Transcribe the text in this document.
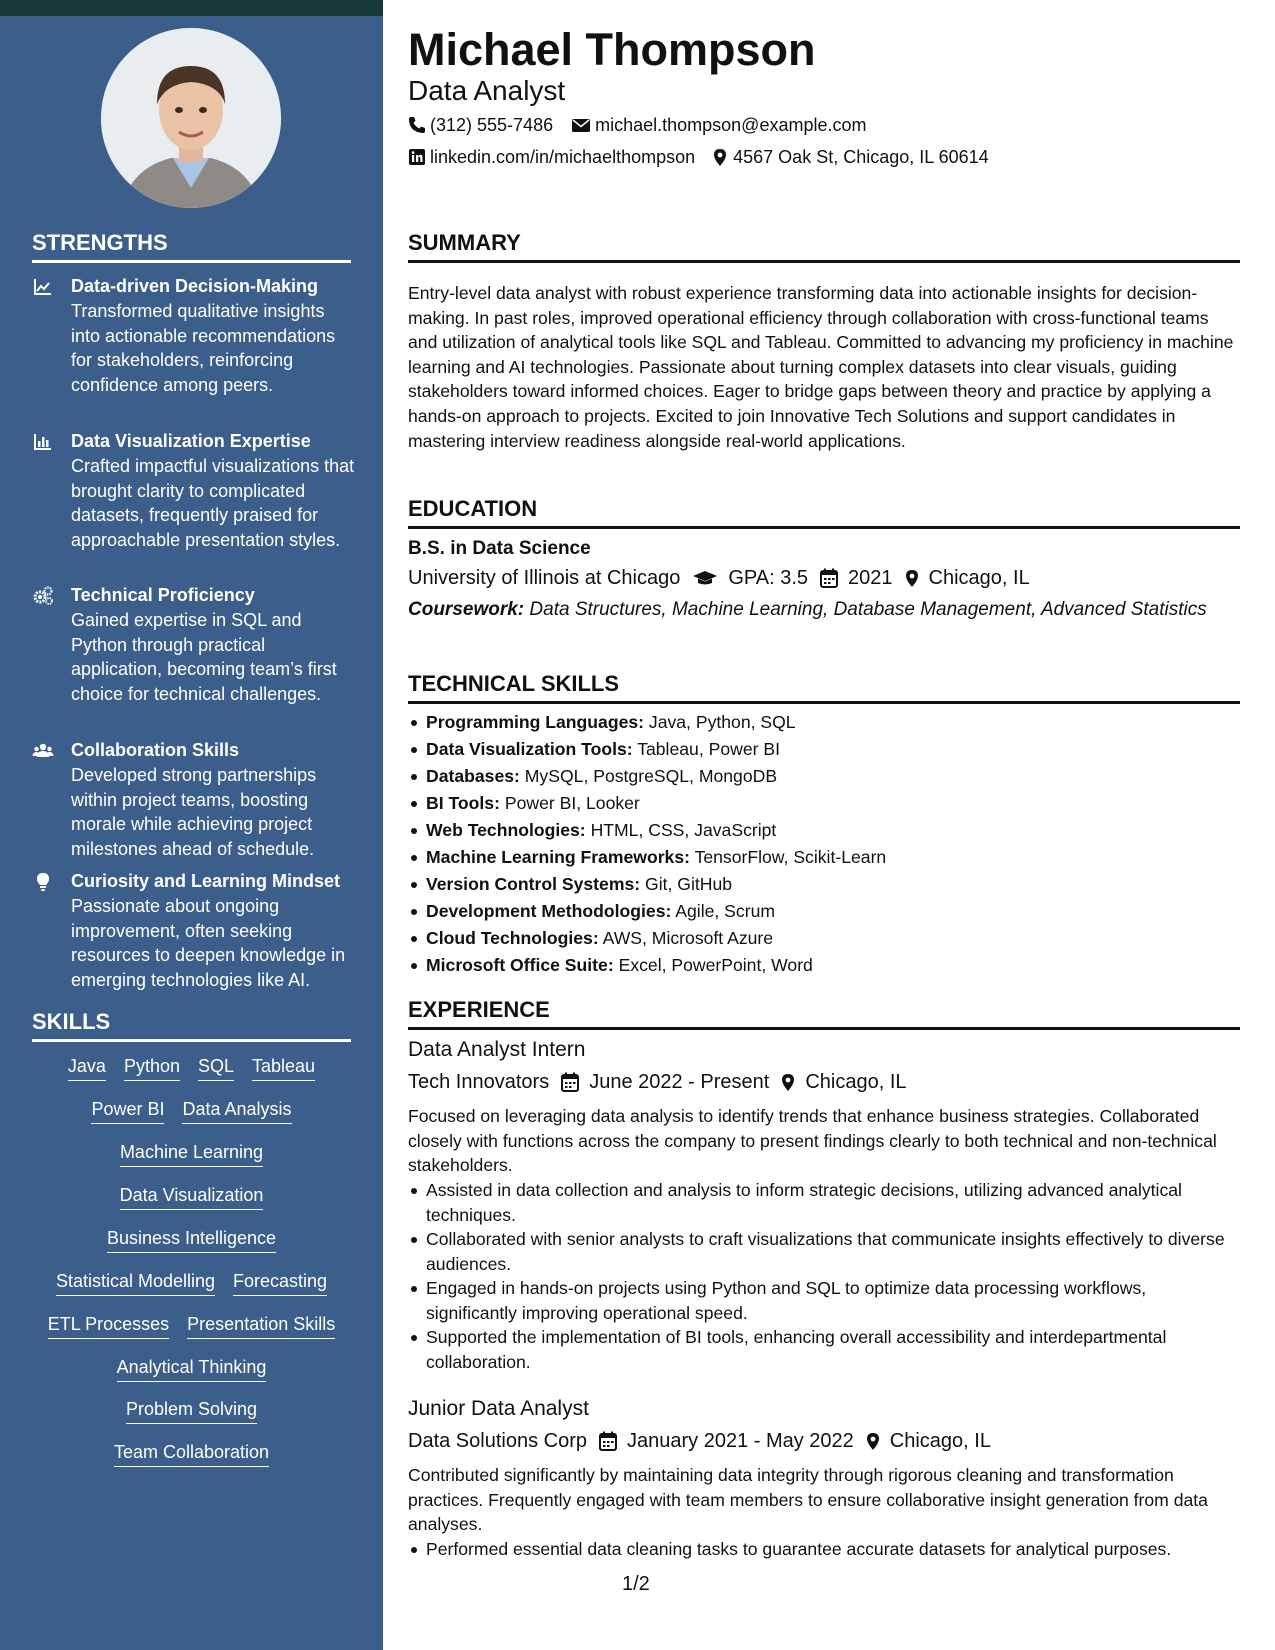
STRENGTHS
Data-driven Decision-Making
Transformed qualitative insights into actionable recommendations for stakeholders, reinforcing confidence among peers.
Data Visualization Expertise
Crafted impactful visualizations that brought clarity to complicated datasets, frequently praised for approachable presentation styles.
Technical Proficiency
Gained expertise in SQL and Python through practical application, becoming team’s first choice for technical challenges.
Collaboration Skills
Developed strong partnerships within project teams, boosting morale while achieving project milestones ahead of schedule.
Curiosity and Learning Mindset
Passionate about ongoing improvement, often seeking resources to deepen knowledge in emerging technologies like AI.
SKILLS
Java Python SQL Tableau
Power BI Data Analysis
Machine Learning
Data Visualization
Business Intelligence
Statistical Modelling Forecasting
ETL Processes Presentation Skills
Analytical Thinking
Problem Solving
Team Collaboration
Michael Thompson
Data Analyst
(312) 555-7486 michael.thompson@example.com
linkedin.com/in/michaelthompson 4567 Oak St, Chicago, IL 60614
SUMMARY
Entry-level data analyst with robust experience transforming data into actionable insights for decision-making. In past roles, improved operational efficiency through collaboration with cross-functional teams and utilization of analytical tools like SQL and Tableau. Committed to advancing my proficiency in machine learning and AI technologies. Passionate about turning complex datasets into clear visuals, guiding stakeholders toward informed choices. Eager to bridge gaps between theory and practice by applying a hands-on approach to projects. Excited to join Innovative Tech Solutions and support candidates in mastering interview readiness alongside real-world applications.
EDUCATION
B.S. in Data Science
University of Illinois at Chicago GPA: 3.5 2021 Chicago, IL
Coursework: Data Structures, Machine Learning, Database Management, Advanced Statistics
TECHNICAL SKILLS
Programming Languages: Java, Python, SQL
Data Visualization Tools: Tableau, Power BI
Databases: MySQL, PostgreSQL, MongoDB
BI Tools: Power BI, Looker
Web Technologies: HTML, CSS, JavaScript
Machine Learning Frameworks: TensorFlow, Scikit-Learn
Version Control Systems: Git, GitHub
Development Methodologies: Agile, Scrum
Cloud Technologies: AWS, Microsoft Azure
Microsoft Office Suite: Excel, PowerPoint, Word
EXPERIENCE
Data Analyst Intern
Tech Innovators June 2022 - Present Chicago, IL
Focused on leveraging data analysis to identify trends that enhance business strategies. Collaborated closely with functions across the company to present findings clearly to both technical and non-technical stakeholders.
Assisted in data collection and analysis to inform strategic decisions, utilizing advanced analytical techniques.
Collaborated with senior analysts to craft visualizations that communicate insights effectively to diverse audiences.
Engaged in hands-on projects using Python and SQL to optimize data processing workflows, significantly improving operational speed.
Supported the implementation of BI tools, enhancing overall accessibility and interdepartmental collaboration.
Junior Data Analyst
Data Solutions Corp January 2021 - May 2022 Chicago, IL
Contributed significantly by maintaining data integrity through rigorous cleaning and transformation practices. Frequently engaged with team members to ensure collaborative insight generation from data analyses.
Performed essential data cleaning tasks to guarantee accurate datasets for analytical purposes.
1/2
